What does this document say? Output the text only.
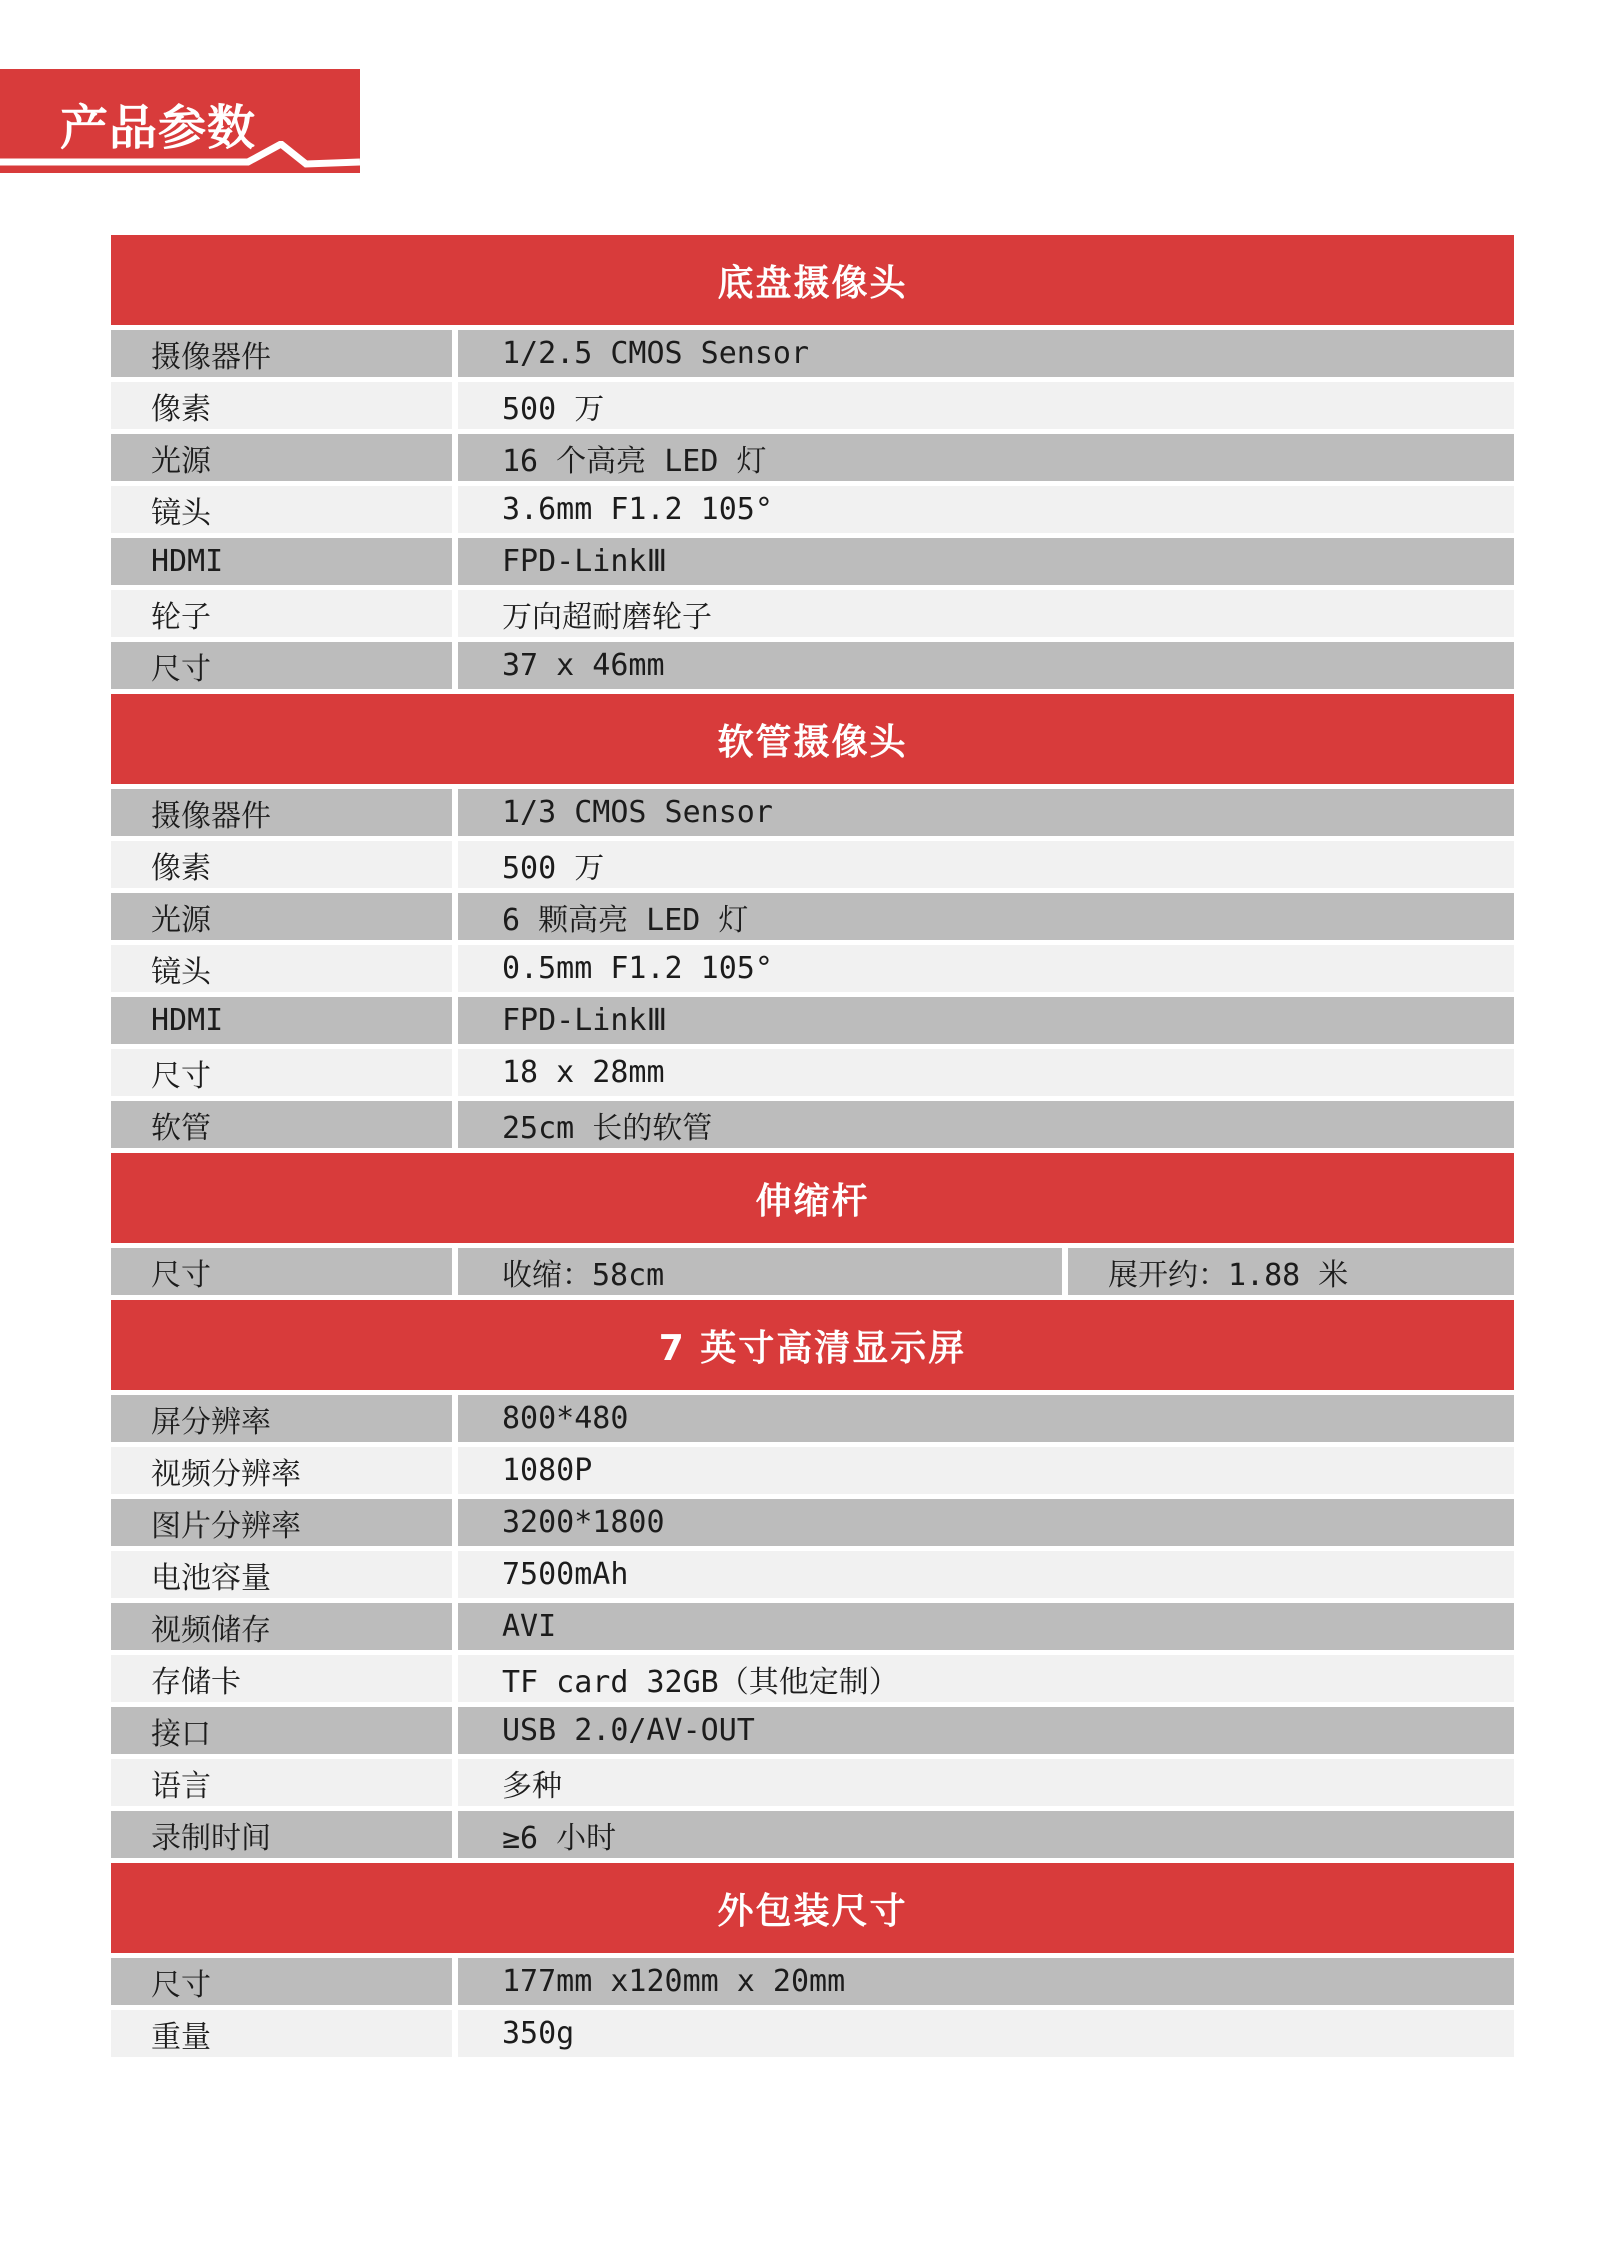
产品参数
底盘摄像头
摄像器件	1/2.5 CMOS Sensor
像素	500 万
光源	16 个高亮 LED 灯
镜头	3.6mm F1.2 105°
HDMI	FPD-LinkⅢ
轮子	万向超耐磨轮子
尺寸	37 x 46mm
软管摄像头
摄像器件	1/3 CMOS Sensor
像素	500 万
光源	6 颗高亮 LED 灯
镜头	0.5mm F1.2 105°
HDMI	FPD-LinkⅢ
尺寸	18 x 28mm
软管	25cm 长的软管
伸缩杆
尺寸	收缩：58cm	展开约：1.88 米
7 英寸高清显示屏
屏分辨率	800*480
视频分辨率	1080P
图片分辨率	3200*1800
电池容量	7500mAh
视频储存	AVI
存储卡	TF card 32GB（其他定制）
接口	USB 2.0/AV-OUT
语言	多种
录制时间	≥6 小时
外包装尺寸
尺寸	177mm x120mm x 20mm
重量	350g
